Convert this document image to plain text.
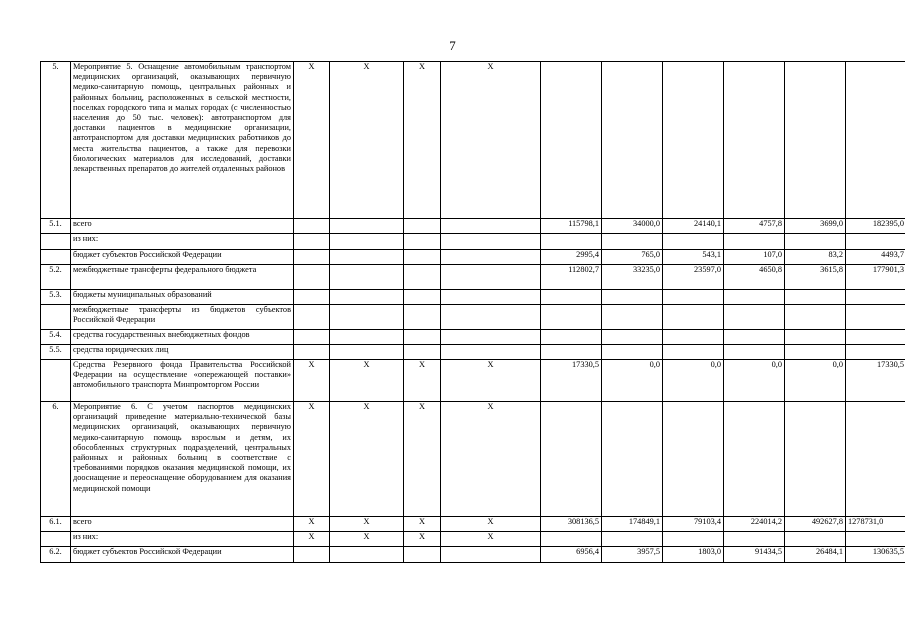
7
5.	Мероприятие 5. Оснащение автомобильным транспортом медицинских организаций, оказывающих первичную медико-санитарную помощь, центральных районных и районных больниц, расположенных в сельской местности, поселках городского типа и малых городах (с численностью населения до 50 тыс. человек): автотранспортом для доставки пациентов в медицинские организации, автотранспортом для доставки медицинских работников до места жительства пациентов, а также для перевозки биологических материалов для исследований, доставки лекарственных препаратов до жителей отдаленных районов	X	X	X	X						
5.1.	всего					115798,1	34000,0	24140,1	4757,8	3699,0	182395,0
	из них:										
	бюджет субъектов Российской Федерации					2995,4	765,0	543,1	107,0	83,2	4493,7
5.2.	межбюджетные трансферты федерального бюджета					112802,7	33235,0	23597,0	4650,8	3615,8	177901,3
5.3.	бюджеты муниципальных образований										
	межбюджетные трансферты из бюджетов субъектов Российской Федерации										
5.4.	средства государственных внебюджетных фондов										
5.5.	средства юридических лиц										
	Средства Резервного фонда Правительства Российской Федерации на осуществление «опережающей поставки» автомобильного транспорта Минпромторгом России	X	X	X	X	17330,5	0,0	0,0	0,0	0,0	17330,5
6.	Мероприятие 6. С учетом паспортов медицинских организаций приведение материально-технической базы медицинских организаций, оказывающих первичную медико-санитарную помощь взрослым и детям, их обособленных структурных подразделений, центральных районных и районных больниц в соответствие с требованиями порядков оказания медицинской помощи, их дооснащение и переоснащение оборудованием для оказания медицинской помощи	X	X	X	X						
6.1.	всего	X	X	X	X	308136,5	174849,1	79103,4	224014,2	492627,8	1278731,0
	из них:	X	X	X	X						
6.2.	бюджет субъектов Российской Федерации					6956,4	3957,5	1803,0	91434,5	26484,1	130635,5
